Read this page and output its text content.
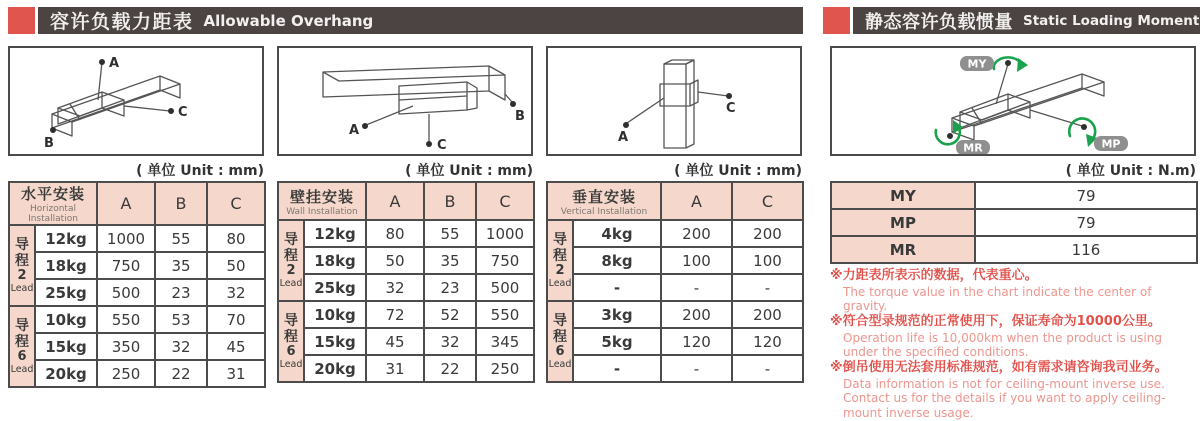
容许负载力距表 Allowable Overhang	静态容许负载惯量 Static Loading Moment
A
B
C	B
A
C
A
C
MY
MP
MR
( 单位 Unit : mm)	( 单位 Unit : mm)	( 单位 Unit : mm)	( 单位 Unit : N.m)
水平安装
Horizontal Installation		A	B	C

导程
2
Lead	12kg	1000	55	80
	18kg	750	35	50
	25kg	500	23	32

导程
6
Lead	10kg	550	53	70
	15kg	350	32	45
	20kg	250	22	31
壁挂安装
Wall Installation		A	B	C

导程
2
Lead	12kg	80	55	1000
	18kg	50	35	750
	25kg	32	23	500

导程
6
Lead	10kg	72	52	550
	15kg	45	32	345
	20kg	31	22	250
垂直安装
Vertical Installation		A	C

导程
2
Lead	4kg	200	200
	8kg	100	100
	-	-	-

导程
6
Lead	3kg	200	200
	5kg	120	120
	-	-	-
MY	79
MP	79
MR	116
※力距表所表示的数据，代表重心。
The torque value in the chart indicate the center of gravity.
※符合型录规范的正常使用下，保证寿命为10000公里。
Operation life is 10,000km when the product is using under the specified conditions.
※倒吊使用无法套用标准规范，如有需求请咨询我司业务。
Data information is not for ceiling-mount inverse use.
Contact us for the details if you want to apply ceiling-mount inverse usage.
